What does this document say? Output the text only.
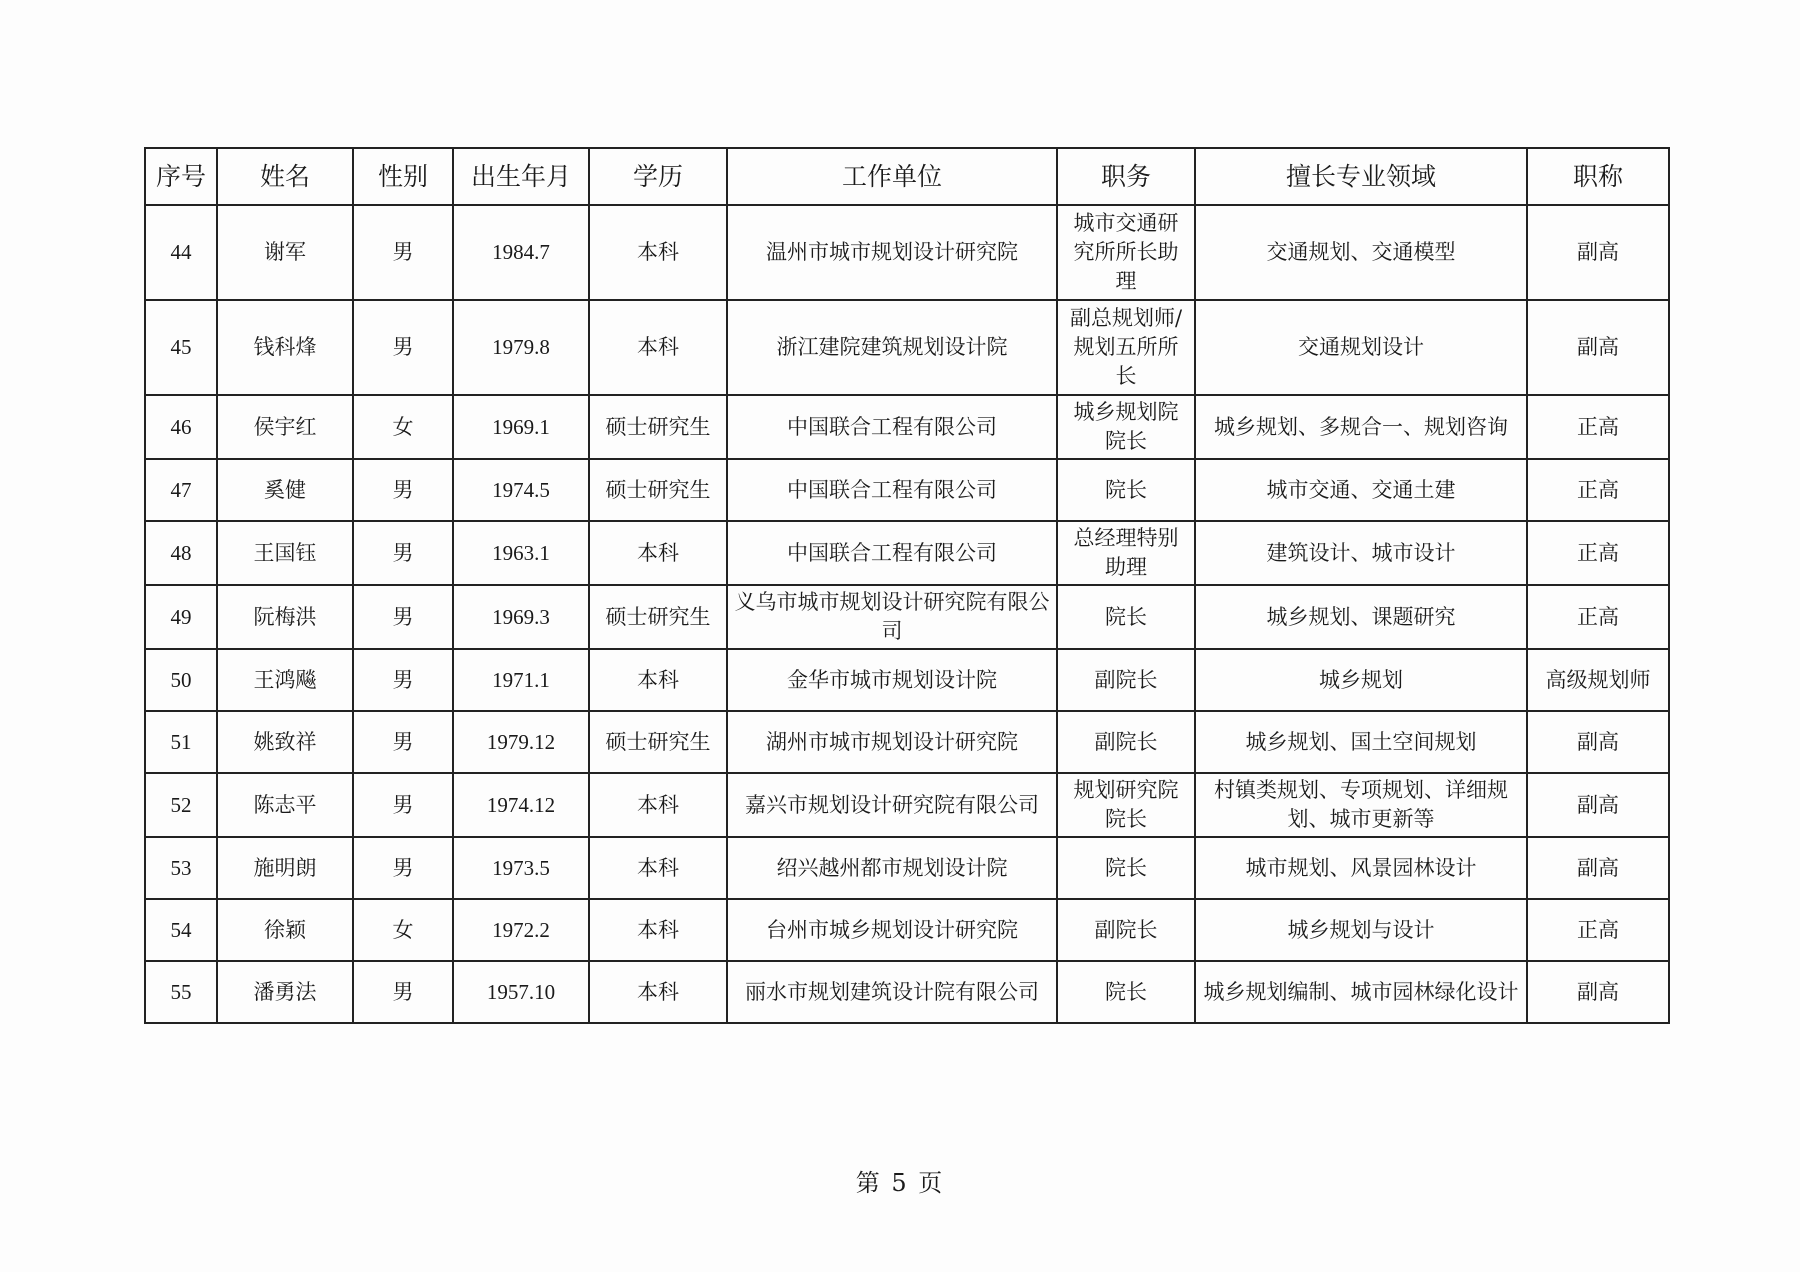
序号	姓名	性别	出生年月	学历	工作单位	职务	擅长专业领域	职称
44	谢军	男	1984.7	本科	温州市城市规划设计研究院	城市交通研究所所长助理	交通规划、交通模型	副高
45	钱科烽	男	1979.8	本科	浙江建院建筑规划设计院	副总规划师/规划五所所长	交通规划设计	副高
46	侯宇红	女	1969.1	硕士研究生	中国联合工程有限公司	城乡规划院院长	城乡规划、多规合一、规划咨询	正高
47	奚健	男	1974.5	硕士研究生	中国联合工程有限公司	院长	城市交通、交通土建	正高
48	王国钰	男	1963.1	本科	中国联合工程有限公司	总经理特别助理	建筑设计、城市设计	正高
49	阮梅洪	男	1969.3	硕士研究生	义乌市城市规划设计研究院有限公司	院长	城乡规划、课题研究	正高
50	王鸿飚	男	1971.1	本科	金华市城市规划设计院	副院长	城乡规划	高级规划师
51	姚致祥	男	1979.12	硕士研究生	湖州市城市规划设计研究院	副院长	城乡规划、国土空间规划	副高
52	陈志平	男	1974.12	本科	嘉兴市规划设计研究院有限公司	规划研究院院长	村镇类规划、专项规划、详细规划、城市更新等	副高
53	施明朗	男	1973.5	本科	绍兴越州都市规划设计院	院长	城市规划、风景园林设计	副高
54	徐颖	女	1972.2	本科	台州市城乡规划设计研究院	副院长	城乡规划与设计	正高
55	潘勇法	男	1957.10	本科	丽水市规划建筑设计院有限公司	院长	城乡规划编制、城市园林绿化设计	副高
第 5 页
